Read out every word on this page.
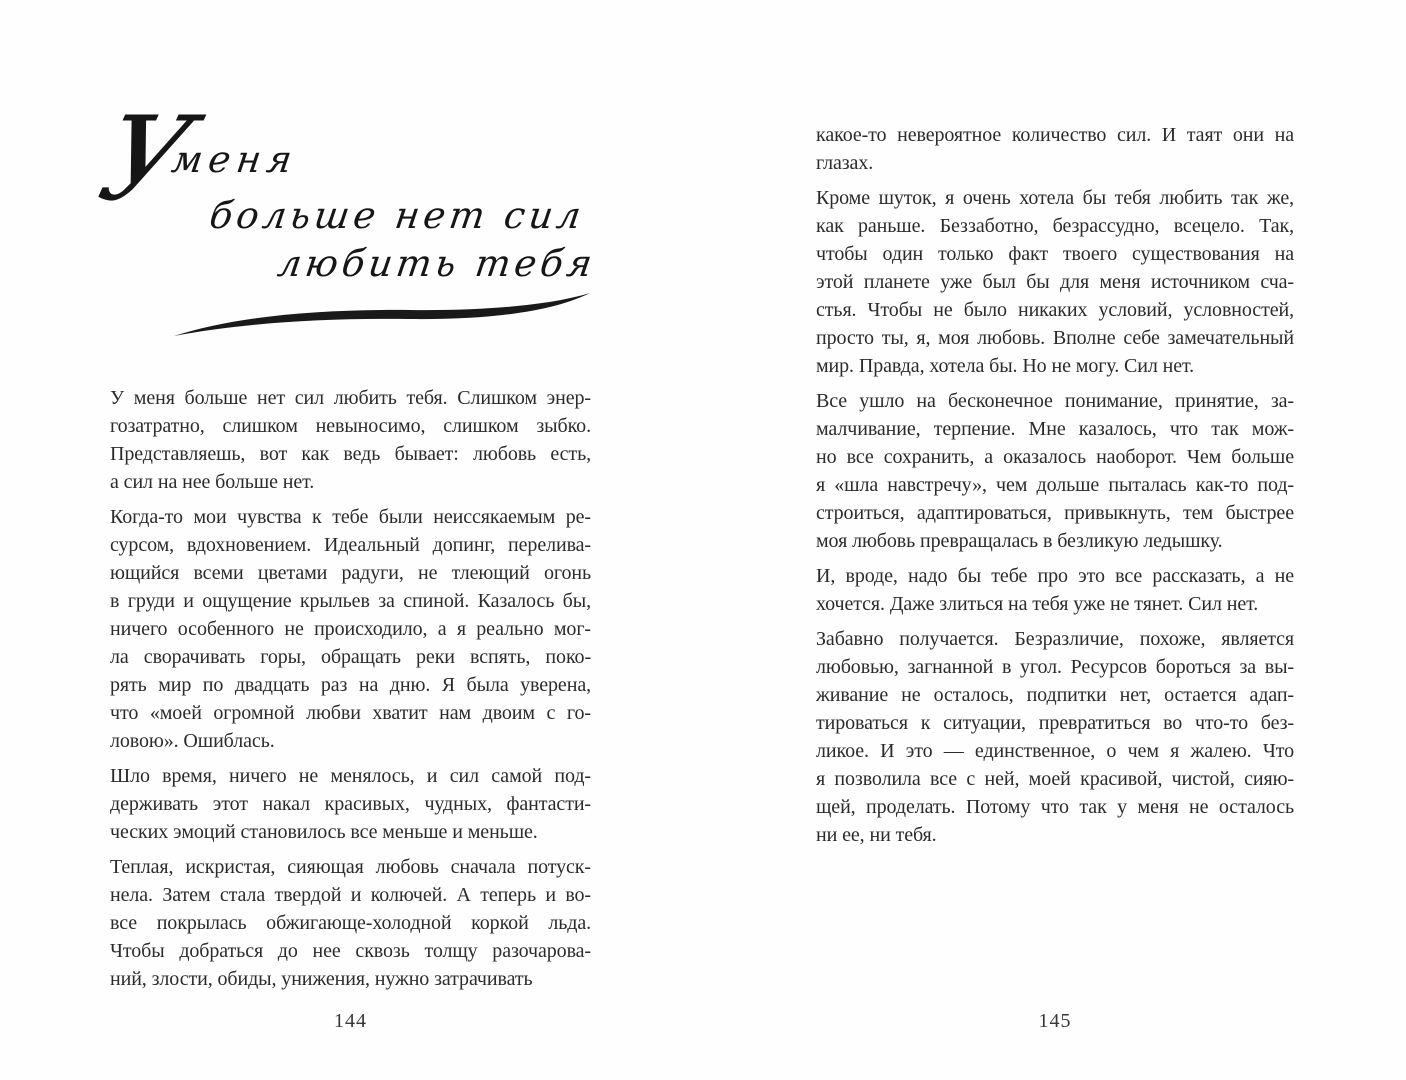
У
меня
больше нет сил
любить тебя
У меня больше нет сил любить тебя. Слишком энер-
гозатратно, слишком невыносимо, слишком зыбко.
Представляешь, вот как ведь бывает: любовь есть,
а сил на нее больше нет.
Когда-то мои чувства к тебе были неиссякаемым ре-
сурсом, вдохновением. Идеальный допинг, перелива-
ющийся всеми цветами радуги, не тлеющий огонь
в груди и ощущение крыльев за спиной. Казалось бы,
ничего особенного не происходило, а я реально мог-
ла сворачивать горы, обращать реки вспять, поко-
рять мир по двадцать раз на дню. Я была уверена,
что «моей огромной любви хватит нам двоим с го-
ловою». Ошиблась.
Шло время, ничего не менялось, и сил самой под-
держивать этот накал красивых, чудных, фантасти-
ческих эмоций становилось все меньше и меньше.
Теплая, искристая, сияющая любовь сначала потуск-
нела. Затем стала твердой и колючей. А теперь и во-
все покрылась обжигающе-холодной коркой льда.
Чтобы добраться до нее сквозь толщу разочарова-
ний, злости, обиды, унижения, нужно затрачивать
144
какое-то невероятное количество сил. И таят они на
глазах.
Кроме шуток, я очень хотела бы тебя любить так же,
как раньше. Беззаботно, безрассудно, всецело. Так,
чтобы один только факт твоего существования на
этой планете уже был бы для меня источником сча-
стья. Чтобы не было никаких условий, условностей,
просто ты, я, моя любовь. Вполне себе замечательный
мир. Правда, хотела бы. Но не могу. Сил нет.
Все ушло на бесконечное понимание, принятие, за-
малчивание, терпение. Мне казалось, что так мож-
но все сохранить, а оказалось наоборот. Чем больше
я «шла навстречу», чем дольше пыталась как-то под-
строиться, адаптироваться, привыкнуть, тем быстрее
моя любовь превращалась в безликую ледышку.
И, вроде, надо бы тебе про это все рассказать, а не
хочется. Даже злиться на тебя уже не тянет. Сил нет.
Забавно получается. Безразличие, похоже, является
любовью, загнанной в угол. Ресурсов бороться за вы-
живание не осталось, подпитки нет, остается адап-
тироваться к ситуации, превратиться во что-то без-
ликое. И это — единственное, о чем я жалею. Что
я позволила все с ней, моей красивой, чистой, сияю-
щей, проделать. Потому что так у меня не осталось
ни ее, ни тебя.
145
